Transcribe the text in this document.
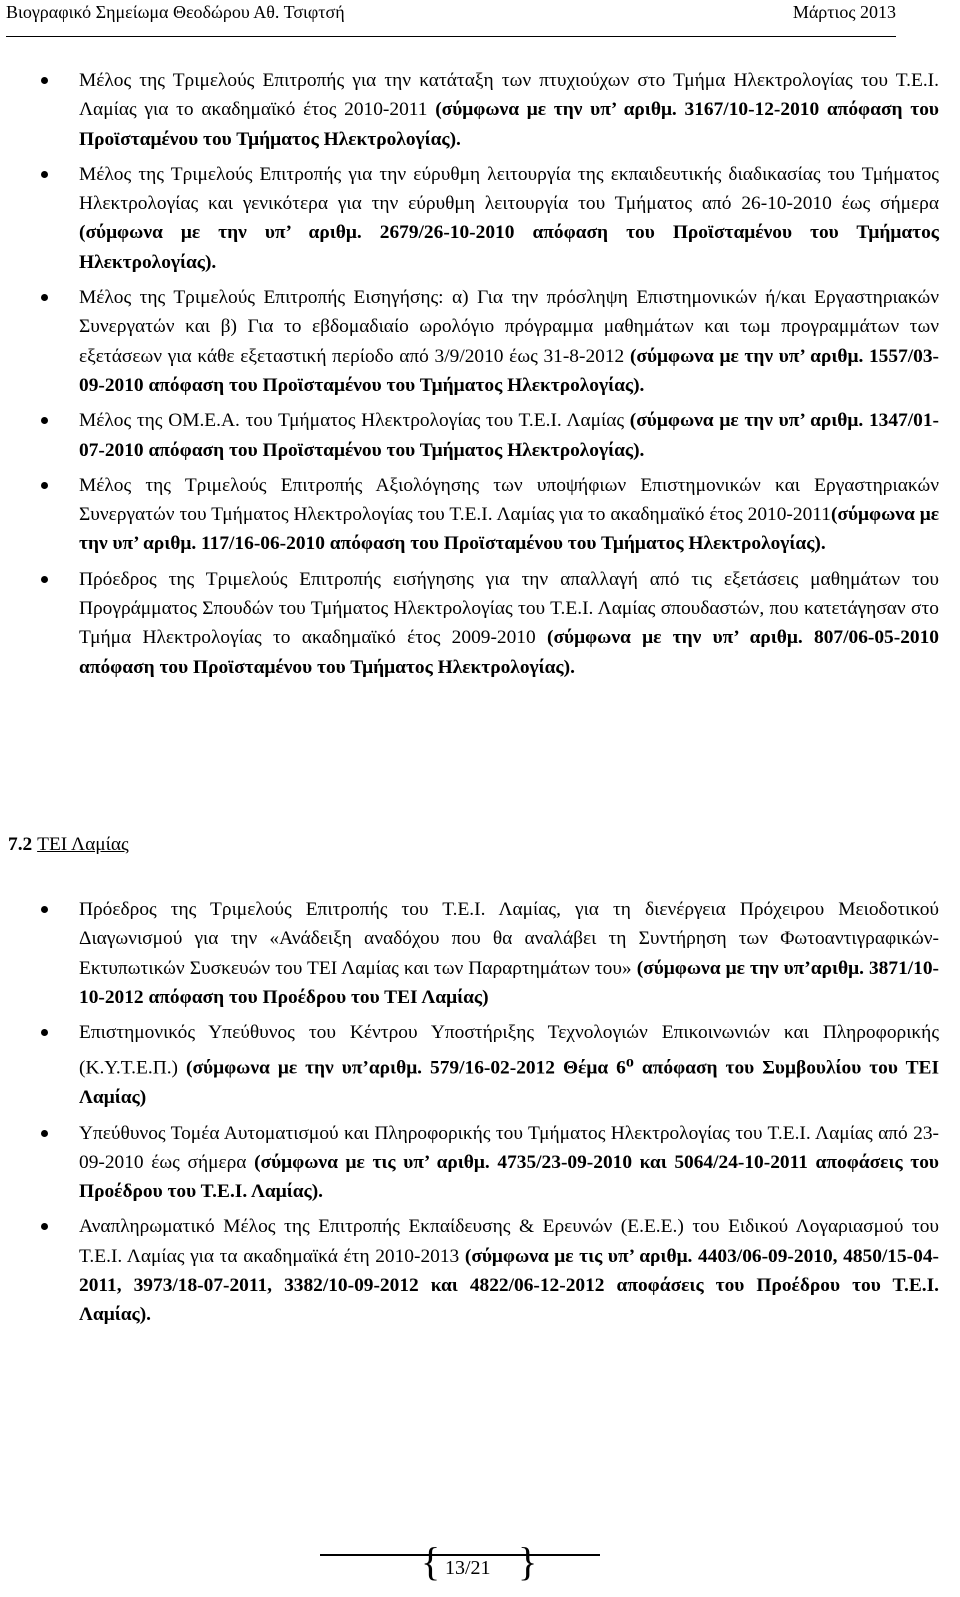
Βιογραφικό Σημείωμα Θεοδώρου Αθ. Τσιφτσή	Μάρτιος 2013
Μέλος της Τριμελούς Επιτροπής για την κατάταξη των πτυχιούχων στο Τμήμα Ηλεκτρολογίας του Τ.Ε.Ι. Λαμίας για το ακαδημαϊκό έτος 2010-2011 (σύμφωνα με την υπ’ αριθμ. 3167/10-12-2010 απόφαση του Προϊσταμένου του Τμήματος Ηλεκτρολογίας).
Μέλος της Τριμελούς Επιτροπής για την εύρυθμη λειτουργία της εκπαιδευτικής διαδικασίας του Τμήματος Ηλεκτρολογίας και γενικότερα για την εύρυθμη λειτουργία του Τμήματος από 26-10-2010 έως σήμερα (σύμφωνα με την υπ’ αριθμ. 2679/26-10-2010 απόφαση του Προϊσταμένου του Τμήματος Ηλεκτρολογίας).
Μέλος της Τριμελούς Επιτροπής Εισηγήσης: α) Για την πρόσληψη Επιστημονικών ή/και Εργαστηριακών Συνεργατών και β) Για το εβδομαδιαίο ωρολόγιο πρόγραμμα μαθημάτων και τωμ προγραμμάτων των εξετάσεων για κάθε εξεταστική περίοδο από 3/9/2010 έως 31-8-2012 (σύμφωνα με την υπ’ αριθμ. 1557/03-09-2010 απόφαση του Προϊσταμένου του Τμήματος Ηλεκτρολογίας).
Μέλος της ΟΜ.Ε.Α. του Τμήματος Ηλεκτρολογίας του Τ.Ε.Ι. Λαμίας (σύμφωνα με την υπ’ αριθμ. 1347/01-07-2010 απόφαση του Προϊσταμένου του Τμήματος Ηλεκτρολογίας).
Μέλος της Τριμελούς Επιτροπής Αξιολόγησης των υποψήφιων Επιστημονικών και Εργαστηριακών Συνεργατών του Τμήματος Ηλεκτρολογίας του Τ.Ε.Ι. Λαμίας για το ακαδημαϊκό έτος 2010-2011(σύμφωνα με την υπ’ αριθμ. 117/16-06-2010 απόφαση του Προϊσταμένου του Τμήματος Ηλεκτρολογίας).
Πρόεδρος της Τριμελούς Επιτροπής εισήγησης για την απαλλαγή από τις εξετάσεις μαθημάτων του Προγράμματος Σπουδών του Τμήματος Ηλεκτρολογίας του Τ.Ε.Ι. Λαμίας σπουδαστών, που κατετάγησαν στο Τμήμα Ηλεκτρολογίας το ακαδημαϊκό έτος 2009-2010 (σύμφωνα με την υπ’ αριθμ. 807/06-05-2010 απόφαση του Προϊσταμένου του Τμήματος Ηλεκτρολογίας).
7.2 ΤΕΙ Λαμίας
Πρόεδρος της Τριμελούς Επιτροπής του Τ.Ε.Ι. Λαμίας, για τη διενέργεια Πρόχειρου Μειοδοτικού Διαγωνισμού για την «Ανάδειξη αναδόχου που θα αναλάβει τη Συντήρηση των Φωτοαντιγραφικών-Εκτυπωτικών Συσκευών του ΤΕΙ Λαμίας και των Παραρτημάτων του» (σύμφωνα με την υπ’αριθμ. 3871/10-10-2012 απόφαση του Προέδρου του ΤΕΙ Λαμίας)
Επιστημονικός Υπεύθυνος του Κέντρου Υποστήριξης Τεχνολογιών Επικοινωνιών και Πληροφορικής (Κ.Υ.Τ.Ε.Π.) (σύμφωνα με την υπ’αριθμ. 579/16-02-2012 Θέμα $6^o$ απόφαση του Συμβουλίου του ΤΕΙ Λαμίας)
Υπεύθυνος Τομέα Αυτοματισμού και Πληροφορικής του Τμήματος Ηλεκτρολογίας του Τ.Ε.Ι. Λαμίας από 23-09-2010 έως σήμερα (σύμφωνα με τις υπ’ αριθμ. 4735/23-09-2010 και 5064/24-10-2011 αποφάσεις του Προέδρου του Τ.Ε.Ι. Λαμίας).
Αναπληρωματικό Μέλος της Επιτροπής Εκπαίδευσης & Ερευνών (Ε.Ε.Ε.) του Ειδικού Λογαριασμού του Τ.Ε.Ι. Λαμίας για τα ακαδημαϊκά έτη 2010-2013 (σύμφωνα με τις υπ’ αριθμ. 4403/06-09-2010, 4850/15-04-2011, 3973/18-07-2011, 3382/10-09-2012 και 4822/06-12-2012 αποφάσεις του Προέδρου του Τ.Ε.Ι. Λαμίας).
{ 13/21 }
